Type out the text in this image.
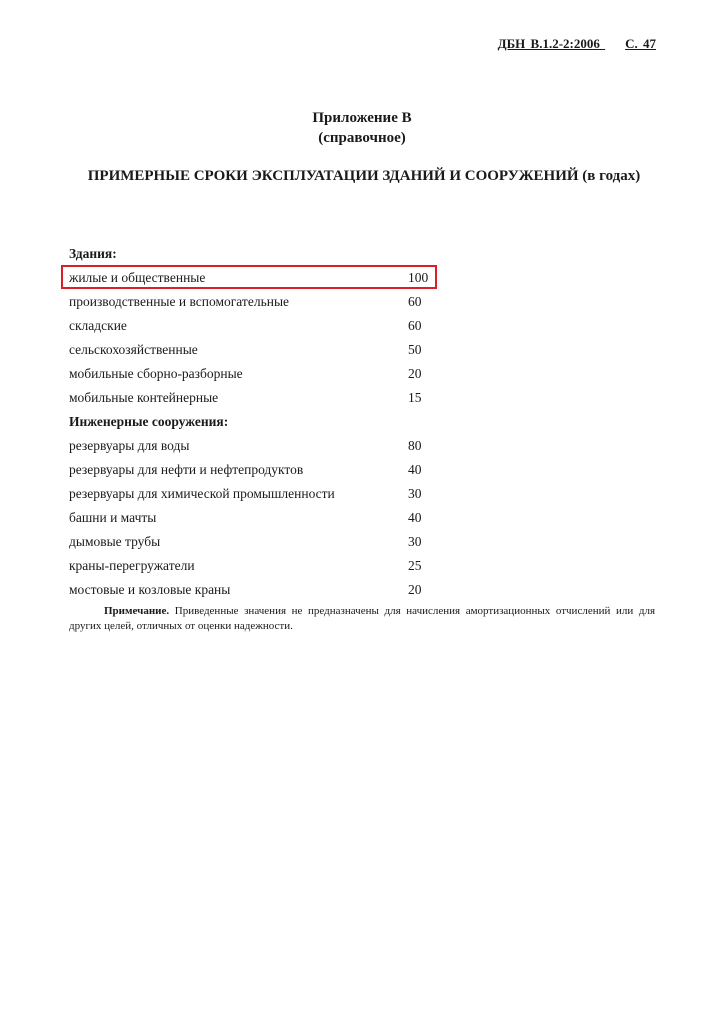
ДБН В.1.2-2:2006 С. 47
Приложение В
(справочное)
ПРИМЕРНЫЕ СРОКИ ЭКСПЛУАТАЦИИ ЗДАНИЙ И СООРУЖЕНИЙ (в годах)
Здания:
жилые и общественные	100
производственные и вспомогательные	60
складские	60
сельскохозяйственные	50
мобильные сборно-разборные	20
мобильные контейнерные	15
Инженерные сооружения:
резервуары для воды	80
резервуары для нефти и нефтепродуктов	40
резервуары для химической промышленности	30
башни и мачты	40
дымовые трубы	30
краны-перегружатели	25
мостовые и козловые краны	20
Примечание. Приведенные значения не предназначены для начисления амортизационных отчислений или для других целей, отличных от оценки надежности.
